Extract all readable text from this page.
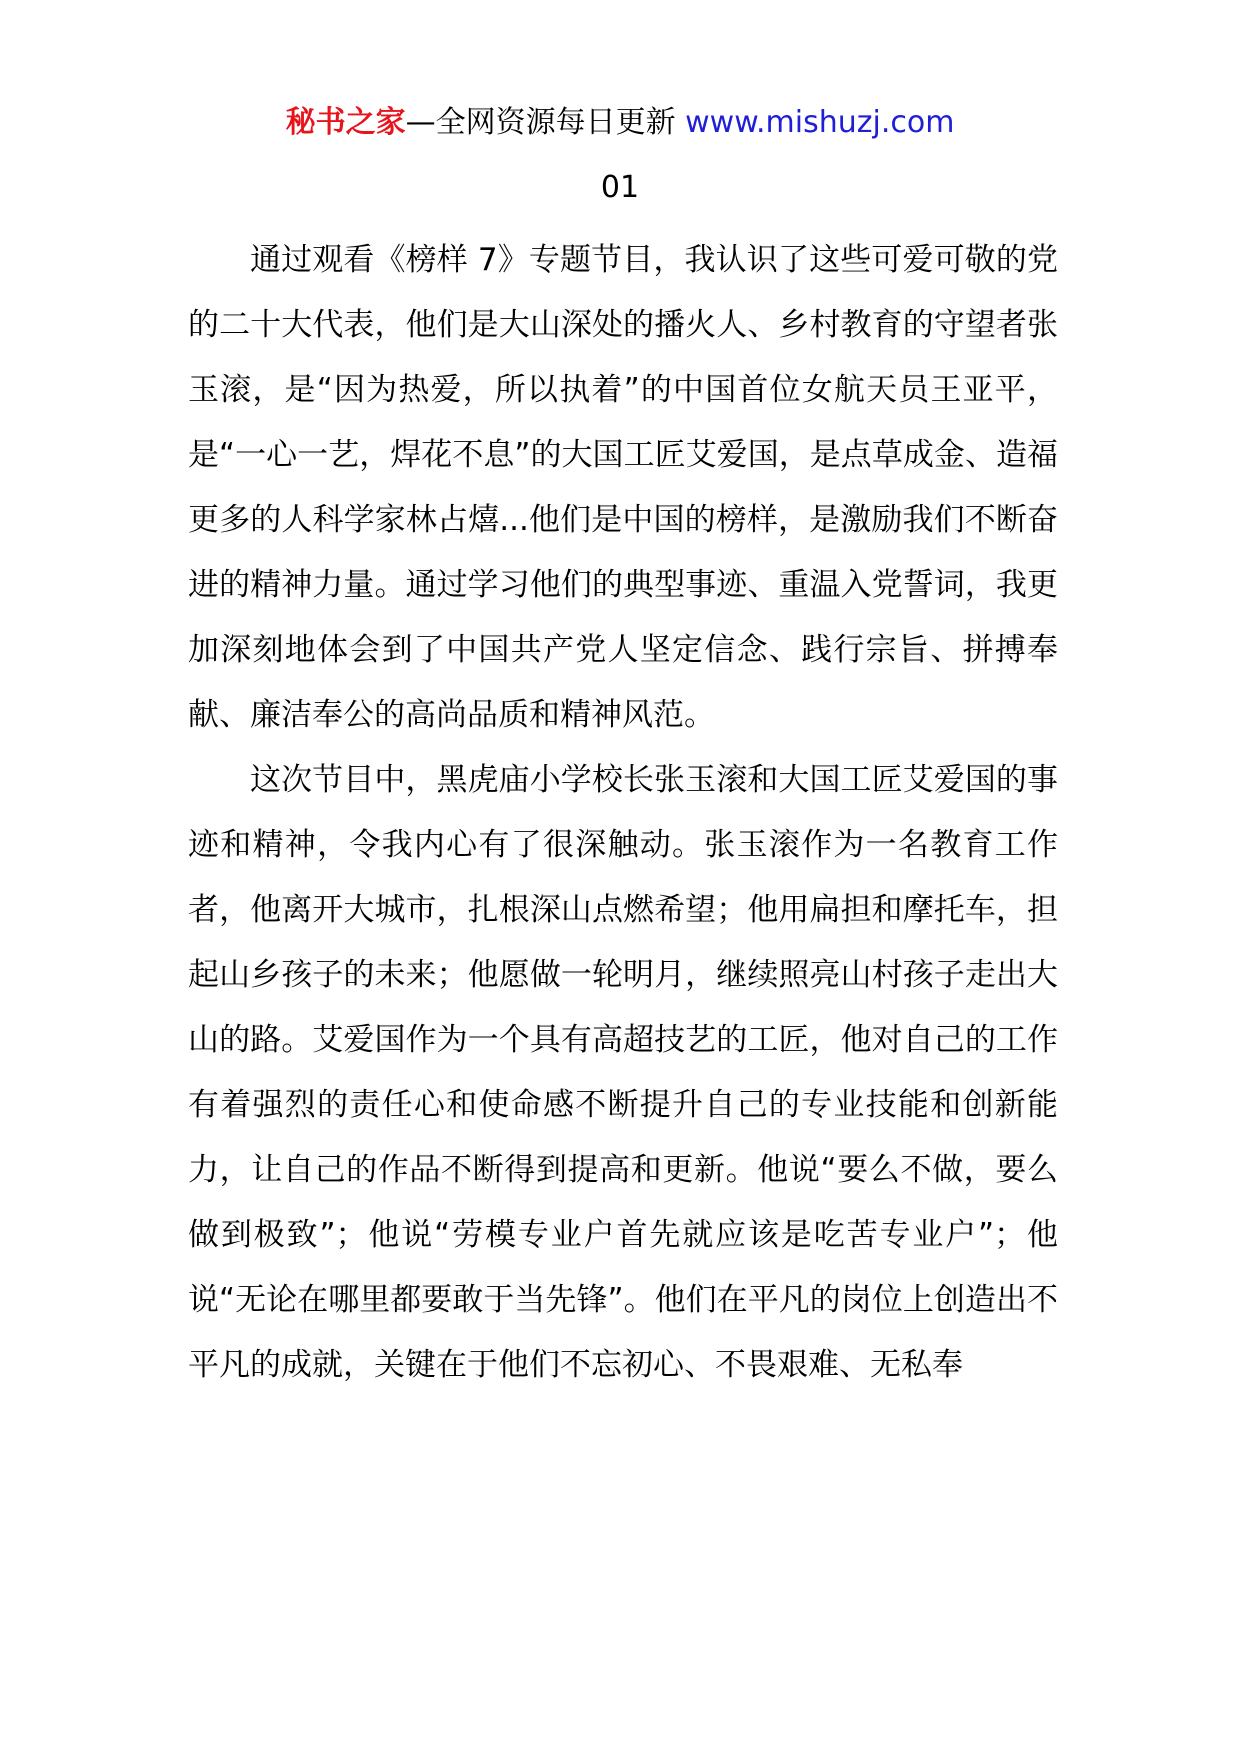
秘书之家—全网资源每日更新 www.mishuzj.com
01

通过观看《榜样 7》专题节目，我认识了这些可爱可敬的党的二十大代表，他们是大山深处的播火人、乡村教育的守望者张玉滚，是“因为热爱，所以执着”的中国首位女航天员王亚平，是“一心一艺，焊花不息”的大国工匠艾爱国，是点草成金、造福更多的人科学家林占熺...他们是中国的榜样，是激励我们不断奋进的精神力量。通过学习他们的典型事迹、重温入党誓词，我更加深刻地体会到了中国共产党人坚定信念、践行宗旨、拼搏奉献、廉洁奉公的高尚品质和精神风范。

这次节目中，黑虎庙小学校长张玉滚和大国工匠艾爱国的事迹和精神，令我内心有了很深触动。张玉滚作为一名教育工作者，他离开大城市，扎根深山点燃希望；他用扁担和摩托车，担起山乡孩子的未来；他愿做一轮明月，继续照亮山村孩子走出大山的路。艾爱国作为一个具有高超技艺的工匠，他对自己的工作有着强烈的责任心和使命感不断提升自己的专业技能和创新能力，让自己的作品不断得到提高和更新。他说“要么不做，要么做到极致”；他说“劳模专业户首先就应该是吃苦专业户”；他说“无论在哪里都要敢于当先锋”。他们在平凡的岗位上创造出不平凡的成就，关键在于他们不忘初心、不畏艰难、无私奉
